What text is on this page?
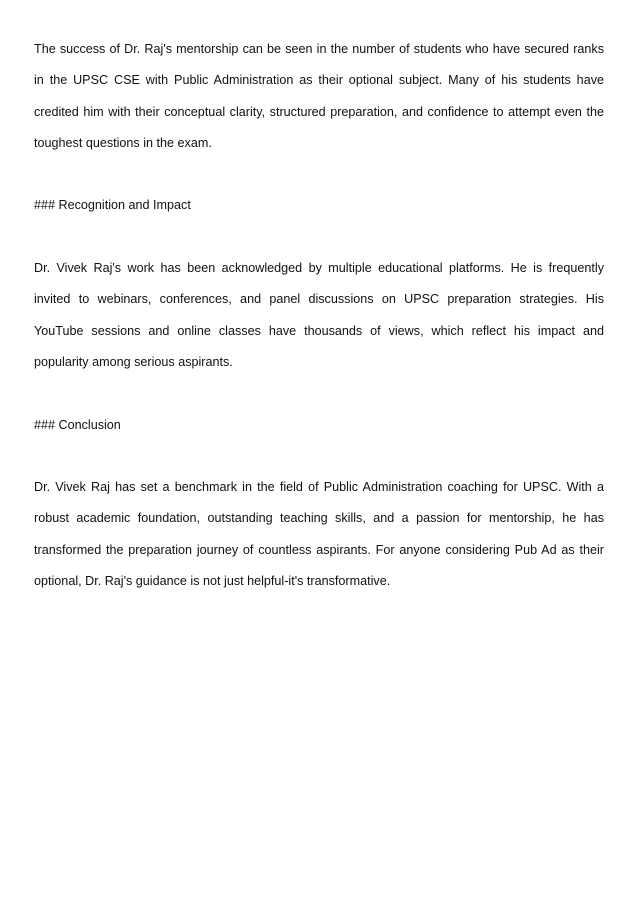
The success of Dr. Raj's mentorship can be seen in the number of students who have secured ranks in the UPSC CSE with Public Administration as their optional subject. Many of his students have credited him with their conceptual clarity, structured preparation, and confidence to attempt even the toughest questions in the exam.

### Recognition and Impact

Dr. Vivek Raj's work has been acknowledged by multiple educational platforms. He is frequently invited to webinars, conferences, and panel discussions on UPSC preparation strategies. His YouTube sessions and online classes have thousands of views, which reflect his impact and popularity among serious aspirants.

### Conclusion

Dr. Vivek Raj has set a benchmark in the field of Public Administration coaching for UPSC. With a robust academic foundation, outstanding teaching skills, and a passion for mentorship, he has transformed the preparation journey of countless aspirants. For anyone considering Pub Ad as their optional, Dr. Raj's guidance is not just helpful-it's transformative.
